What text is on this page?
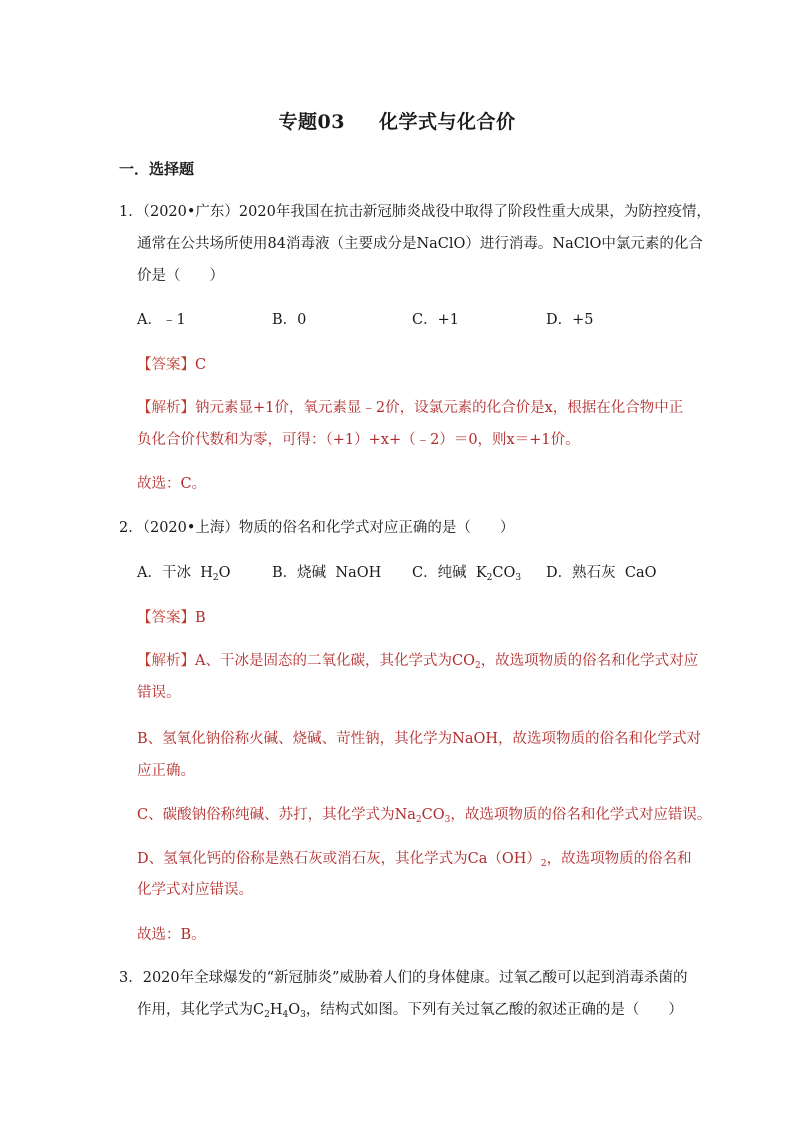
专题03 化学式与化合价
一．选择题
1．（2020•广东）2020年我国在抗击新冠肺炎战役中取得了阶段性重大成果，为防控疫情，
通常在公共场所使用84消毒液（主要成分是NaClO）进行消毒。NaClO中氯元素的化合
价是（　　）
A．﹣1	B．0	C．+1	D．+5
【答案】C
【解析】钠元素显+1价，氧元素显﹣2价，设氯元素的化合价是x，根据在化合物中正
负化合价代数和为零，可得：（+1）+x+（﹣2）＝0，则x＝+1价。
故选：C。
2．（2020•上海）物质的俗名和化学式对应正确的是（　　）
A．干冰 $H_2O$	B．烧碱 NaOH C．纯碱 $K_2CO_3$ D．熟石灰 CaO
【答案】B
【解析】A、干冰是固态的二氧化碳，其化学式为$CO_2$，故选项物质的俗名和化学式对应
错误。
B、氢氧化钠俗称火碱、烧碱、苛性钠，其化学为NaOH，故选项物质的俗名和化学式对
应正确。
C、碳酸钠俗称纯碱、苏打，其化学式为$Na_2CO_3$，故选项物质的俗名和化学式对应错误。
D、氢氧化钙的俗称是熟石灰或消石灰，其化学式为$Ca(OH)_2$，故选项物质的俗名和
化学式对应错误。
故选：B。
3．2020年全球爆发的“新冠肺炎”威胁着人们的身体健康。过氧乙酸可以起到消毒杀菌的
作用，其化学式为$C_2H_4O_3$，结构式如图。下列有关过氧乙酸的叙述正确的是（　　）
